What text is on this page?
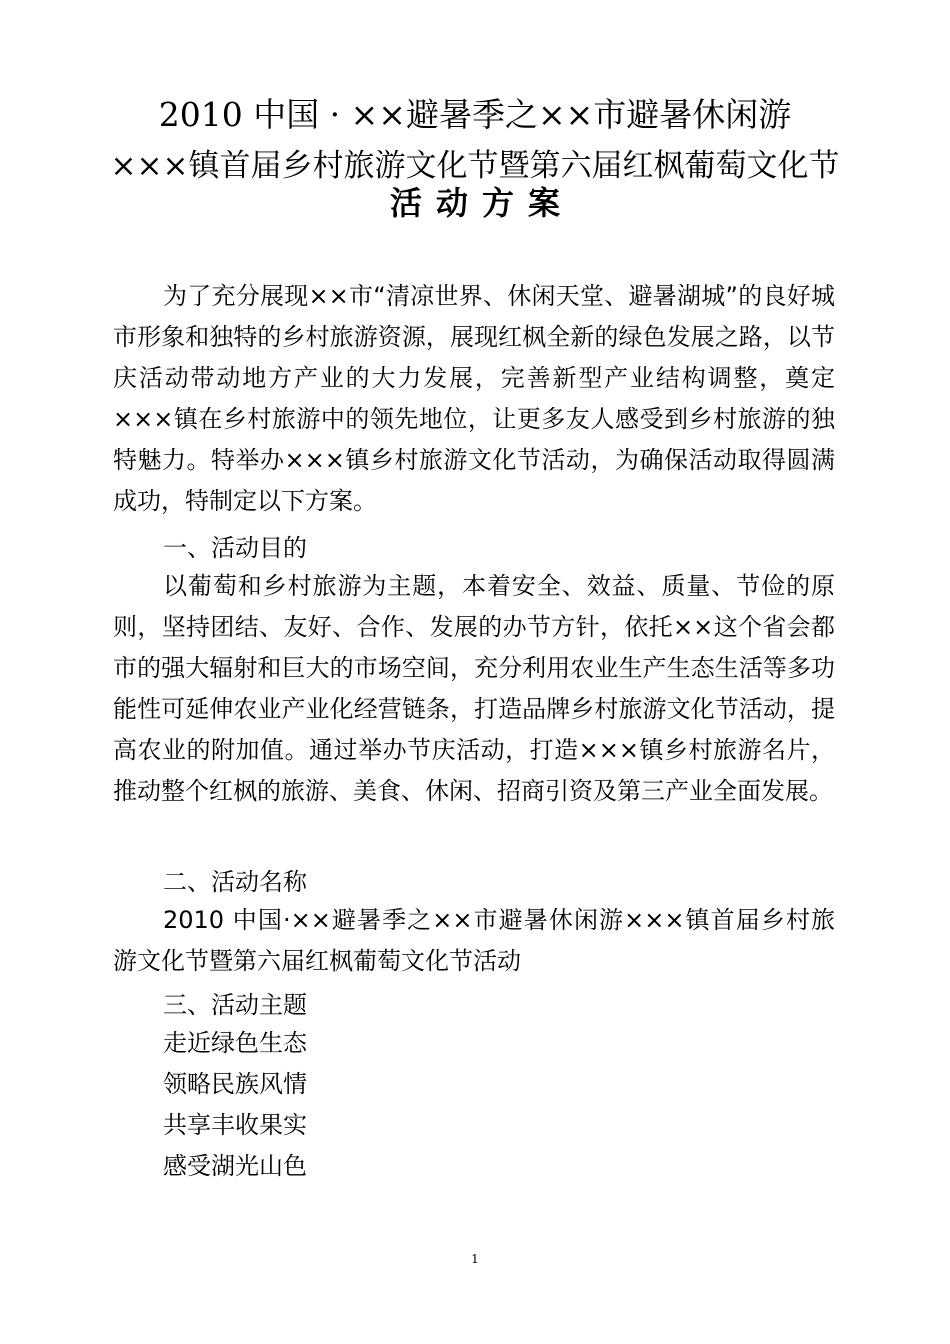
2010 中国 · ××避暑季之××市避暑休闲游
×××镇首届乡村旅游文化节暨第六届红枫葡萄文化节
活动方案

为了充分展现××市“清凉世界、休闲天堂、避暑湖城”的良好城市形象和独特的乡村旅游资源，展现红枫全新的绿色发展之路，以节庆活动带动地方产业的大力发展，完善新型产业结构调整，奠定×××镇在乡村旅游中的领先地位，让更多友人感受到乡村旅游的独特魅力。特举办×××镇乡村旅游文化节活动，为确保活动取得圆满成功，特制定以下方案。

一、活动目的

以葡萄和乡村旅游为主题，本着安全、效益、质量、节俭的原则，坚持团结、友好、合作、发展的办节方针，依托××这个省会都市的强大辐射和巨大的市场空间，充分利用农业生产生态生活等多功能性可延伸农业产业化经营链条，打造品牌乡村旅游文化节活动，提高农业的附加值。通过举办节庆活动，打造×××镇乡村旅游名片，推动整个红枫的旅游、美食、休闲、招商引资及第三产业全面发展。

二、活动名称

2010 中国·××避暑季之××市避暑休闲游×××镇首届乡村旅游文化节暨第六届红枫葡萄文化节活动

三、活动主题
走近绿色生态
领略民族风情
共享丰收果实
感受湖光山色
1
